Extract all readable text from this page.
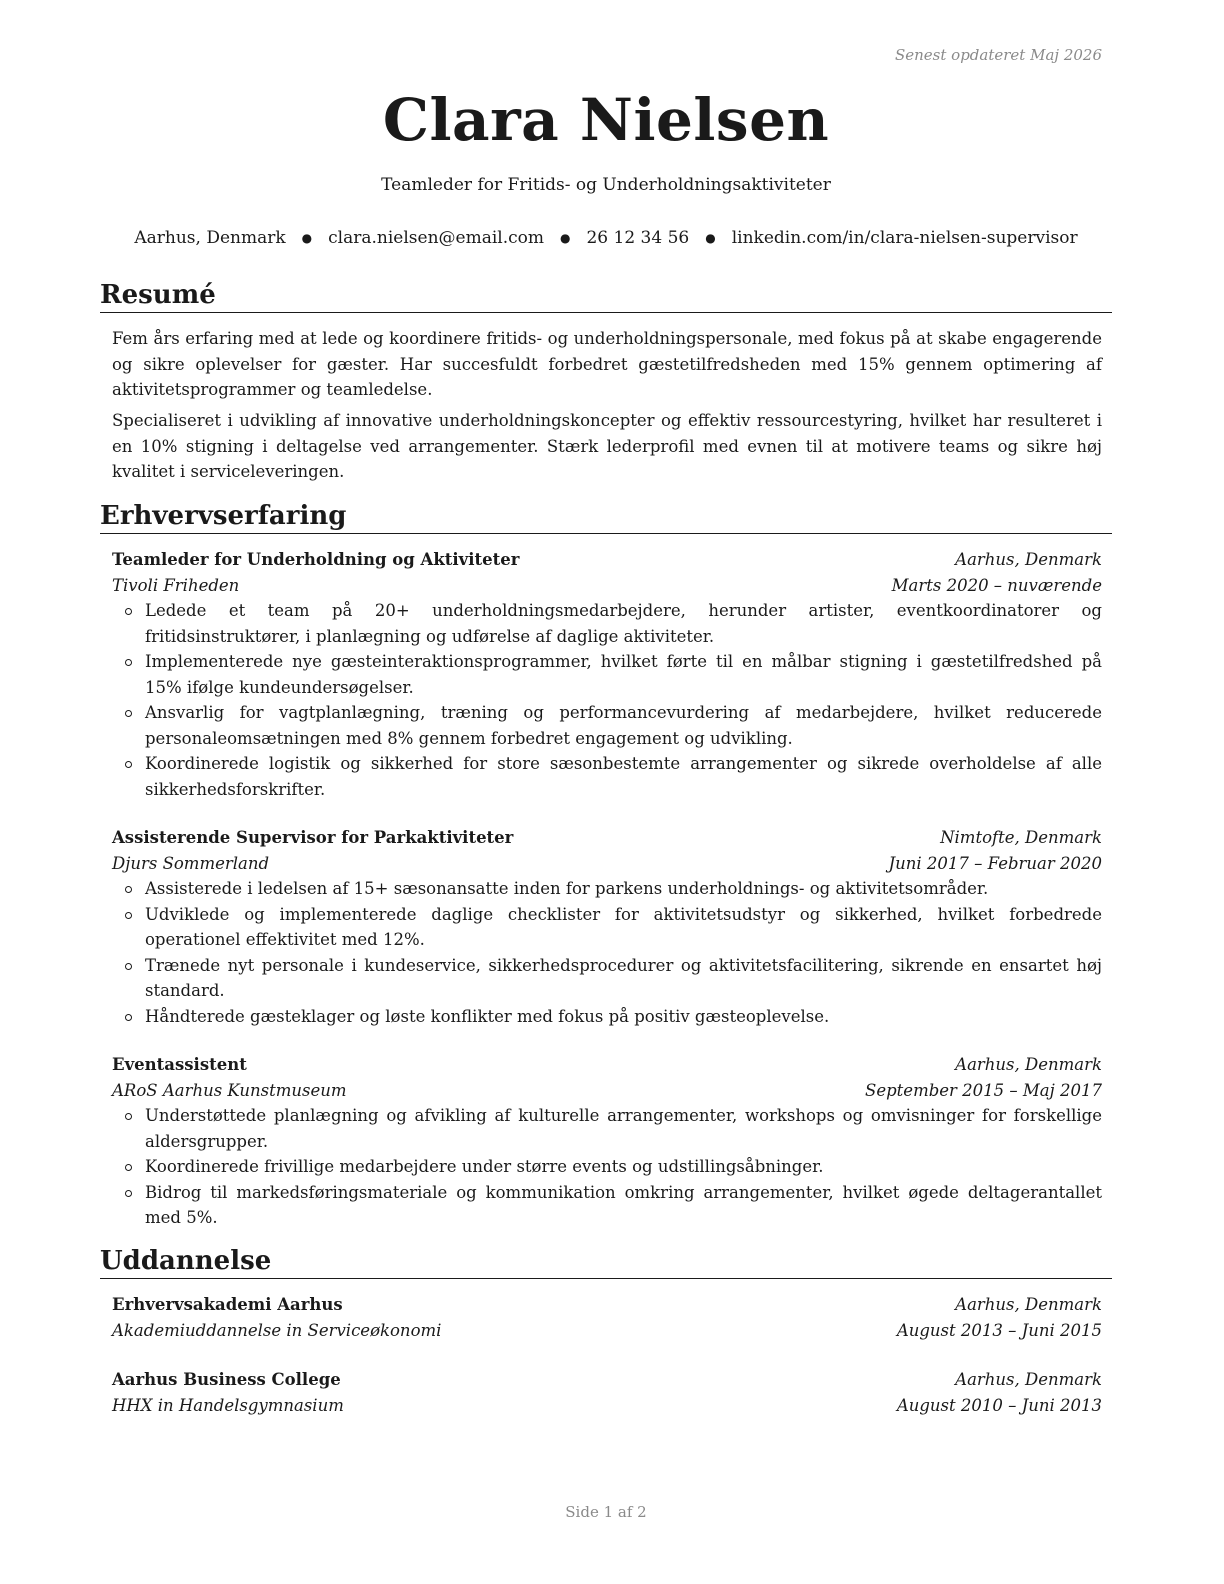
Senest opdateret Maj 2026
Clara Nielsen
Teamleder for Fritids- og Underholdningsaktiviteter
Aarhus, Denmark ● clara.nielsen@email.com ● 26 12 34 56 ● linkedin.com/in/clara-nielsen-supervisor
Resumé

Fem års erfaring med at lede og koordinere fritids- og underholdningspersonale, med fokus på at skabe engagerende og sikre oplevelser for gæster. Har succesfuldt forbedret gæstetilfredsheden med 15% gennem optimering af aktivitetsprogrammer og teamledelse.

Specialiseret i udvikling af innovative underholdningskoncepter og effektiv ressourcestyring, hvilket har resulteret i en 10% stigning i deltagelse ved arrangementer. Stærk lederprofil med evnen til at motivere teams og sikre høj kvalitet i serviceleveringen.

Erhvervserfaring
Teamleder for Underholdning og Aktiviteter	Aarhus, Denmark
Tivoli Friheden	Marts 2020 – nuværende
Ledede et team på 20+ underholdningsmedarbejdere, herunder artister, eventkoordinatorer og fritidsinstruktører, i planlægning og udførelse af daglige aktiviteter.
Implementerede nye gæsteinteraktionsprogrammer, hvilket førte til en målbar stigning i gæstetilfredshed på 15% ifølge kundeundersøgelser.
Ansvarlig for vagtplanlægning, træning og performancevurdering af medarbejdere, hvilket reducerede personaleomsætningen med 8% gennem forbedret engagement og udvikling.
Koordinerede logistik og sikkerhed for store sæsonbestemte arrangementer og sikrede overholdelse af alle sikkerhedsforskrifter.
Assisterende Supervisor for Parkaktiviteter	Nimtofte, Denmark
Djurs Sommerland	Juni 2017 – Februar 2020
Assisterede i ledelsen af 15+ sæsonansatte inden for parkens underholdnings- og aktivitetsområder.
Udviklede og implementerede daglige checklister for aktivitetsudstyr og sikkerhed, hvilket forbedrede operationel effektivitet med 12%.
Trænede nyt personale i kundeservice, sikkerhedsprocedurer og aktivitetsfacilitering, sikrende en ensartet høj standard.
Håndterede gæsteklager og løste konflikter med fokus på positiv gæsteoplevelse.
Eventassistent	Aarhus, Denmark
ARoS Aarhus Kunstmuseum	September 2015 – Maj 2017
Understøttede planlægning og afvikling af kulturelle arrangementer, workshops og omvisninger for forskellige aldersgrupper.
Koordinerede frivillige medarbejdere under større events og udstillingsåbninger.
Bidrog til markedsføringsmateriale og kommunikation omkring arrangementer, hvilket øgede deltagerantallet med 5%.
Uddannelse
Erhvervsakademi Aarhus	Aarhus, Denmark
Akademiuddannelse in Serviceøkonomi	August 2013 – Juni 2015
Aarhus Business College	Aarhus, Denmark
HHX in Handelsgymnasium	August 2010 – Juni 2013
Side 1 af 2
